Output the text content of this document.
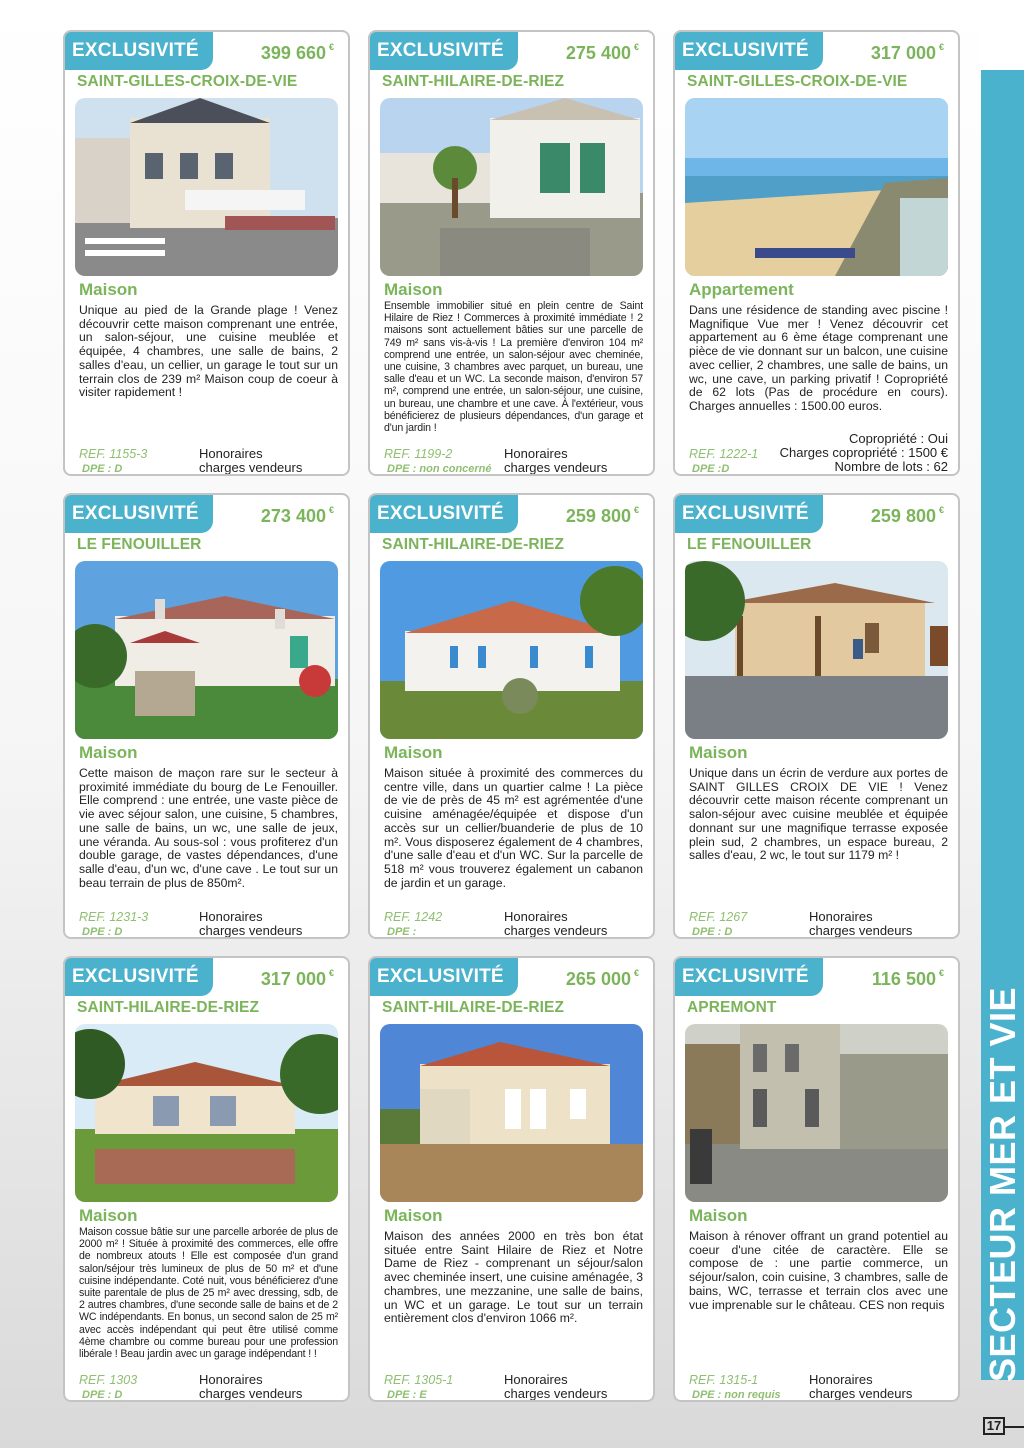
SECTEUR MER ET VIE
17
EXCLUSIVITÉ	399 660 €
SAINT-GILLES-CROIX-DE-VIE
Maison
Unique au pied de la Grande plage ! Venez découvrir cette maison comprenant une entrée, un salon-séjour, une cuisine meublée et équipée, 4 chambres, une salle de bains, 2 salles d'eau, un cellier, un garage le tout sur un terrain clos de 239 m² Maison coup de coeur à visiter rapidement !
REF. 1155-3
DPE : D
Honoraires
charges vendeurs
EXCLUSIVITÉ	275 400 €
SAINT-HILAIRE-DE-RIEZ
Maison
Ensemble immobilier situé en plein centre de Saint Hilaire de Riez ! Commerces à proximité immédiate ! 2 maisons sont actuellement bâties sur une parcelle de 749 m² sans vis-à-vis ! La première d'environ 104 m² comprend une entrée, un salon-séjour avec cheminée, une cuisine, 3 chambres avec parquet, un bureau, une salle d'eau et un WC. La seconde maison, d'environ 57 m², comprend une entrée, un salon-séjour, une cuisine, un bureau, une chambre et une cave. À l'extérieur, vous bénéficierez de plusieurs dépendances, d'un garage et d'un jardin !
REF. 1199-2
DPE : non concerné
Honoraires
charges vendeurs
EXCLUSIVITÉ	317 000 €
SAINT-GILLES-CROIX-DE-VIE
Appartement
Dans une résidence de standing avec piscine ! Magnifique Vue mer ! Venez découvrir cet appartement au 6 ème étage comprenant une pièce de vie donnant sur un balcon, une cuisine avec cellier, 2 chambres, une salle de bains, un wc, une cave, un parking privatif ! Copropriété de 62 lots (Pas de procédure en cours). Charges annuelles : 1500.00 euros.
REF. 1222-1
DPE :D
Copropriété : Oui
Charges copropriété : 1500 €
Nombre de lots : 62
EXCLUSIVITÉ	273 400 €
LE FENOUILLER
Maison
Cette maison de maçon rare sur le secteur à proximité immédiate du bourg de Le Fenouiller. Elle comprend : une entrée, une vaste pièce de vie avec séjour salon, une cuisine, 5 chambres, une salle de bains, un wc, une salle de jeux, une véranda. Au sous-sol : vous profiterez d'un double garage, de vastes dépendances, d'une salle d'eau, d'un wc, d'une cave . Le tout sur un beau terrain de plus de 850m².
REF. 1231-3
DPE : D
Honoraires
charges vendeurs
EXCLUSIVITÉ	259 800 €
SAINT-HILAIRE-DE-RIEZ
Maison
Maison située à proximité des commerces du centre ville, dans un quartier calme ! La pièce de vie de près de 45 m² est agrémentée d'une cuisine aménagée/équipée et dispose d'un accès sur un cellier/buanderie de plus de 10 m². Vous disposerez également de 4 chambres, d'une salle d'eau et d'un WC. Sur la parcelle de 518 m² vous trouverez également un cabanon de jardin et un garage.
REF. 1242
DPE :
Honoraires
charges vendeurs
EXCLUSIVITÉ	259 800 €
LE FENOUILLER
Maison
Unique dans un écrin de verdure aux portes de SAINT GILLES CROIX DE VIE ! Venez découvrir cette maison récente comprenant un salon-séjour avec cuisine meublée et équipée donnant sur une magnifique terrasse exposée plein sud, 2 chambres, un espace bureau, 2 salles d'eau, 2 wc, le tout sur 1179 m² !
REF. 1267
DPE : D
Honoraires
charges vendeurs
EXCLUSIVITÉ	317 000 €
SAINT-HILAIRE-DE-RIEZ
Maison
Maison cossue bâtie sur une parcelle arborée de plus de 2000 m² ! Située à proximité des commerces, elle offre de nombreux atouts ! Elle est composée d'un grand salon/séjour très lumineux de plus de 50 m² et d'une cuisine indépendante. Coté nuit, vous bénéficierez d'une suite parentale de plus de 25 m² avec dressing, sdb, de 2 autres chambres, d'une seconde salle de bains et de 2 WC indépendants. En bonus, un second salon de 25 m² avec accès indépendant qui peut être utilisé comme 4ème chambre ou comme bureau pour une profession libérale ! Beau jardin avec un garage indépendant ! !
REF. 1303
DPE : D
Honoraires
charges vendeurs
EXCLUSIVITÉ	265 000 €
SAINT-HILAIRE-DE-RIEZ
Maison
Maison des années 2000 en très bon état située entre Saint Hilaire de Riez et Notre Dame de Riez - comprenant un séjour/salon avec cheminée insert, une cuisine aménagée, 3 chambres, une mezzanine, une salle de bains, un WC et un garage. Le tout sur un terrain entièrement clos d'environ 1066 m².
REF. 1305-1
DPE : E
Honoraires
charges vendeurs
EXCLUSIVITÉ	116 500 €
APREMONT
Maison
Maison à rénover offrant un grand potentiel au coeur d'une citée de caractère. Elle se compose de : une partie commerce, un séjour/salon, coin cuisine, 3 chambres, salle de bains, WC, terrasse et terrain clos avec une vue imprenable sur le château. CES non requis
REF. 1315-1
DPE : non requis
Honoraires
charges vendeurs
